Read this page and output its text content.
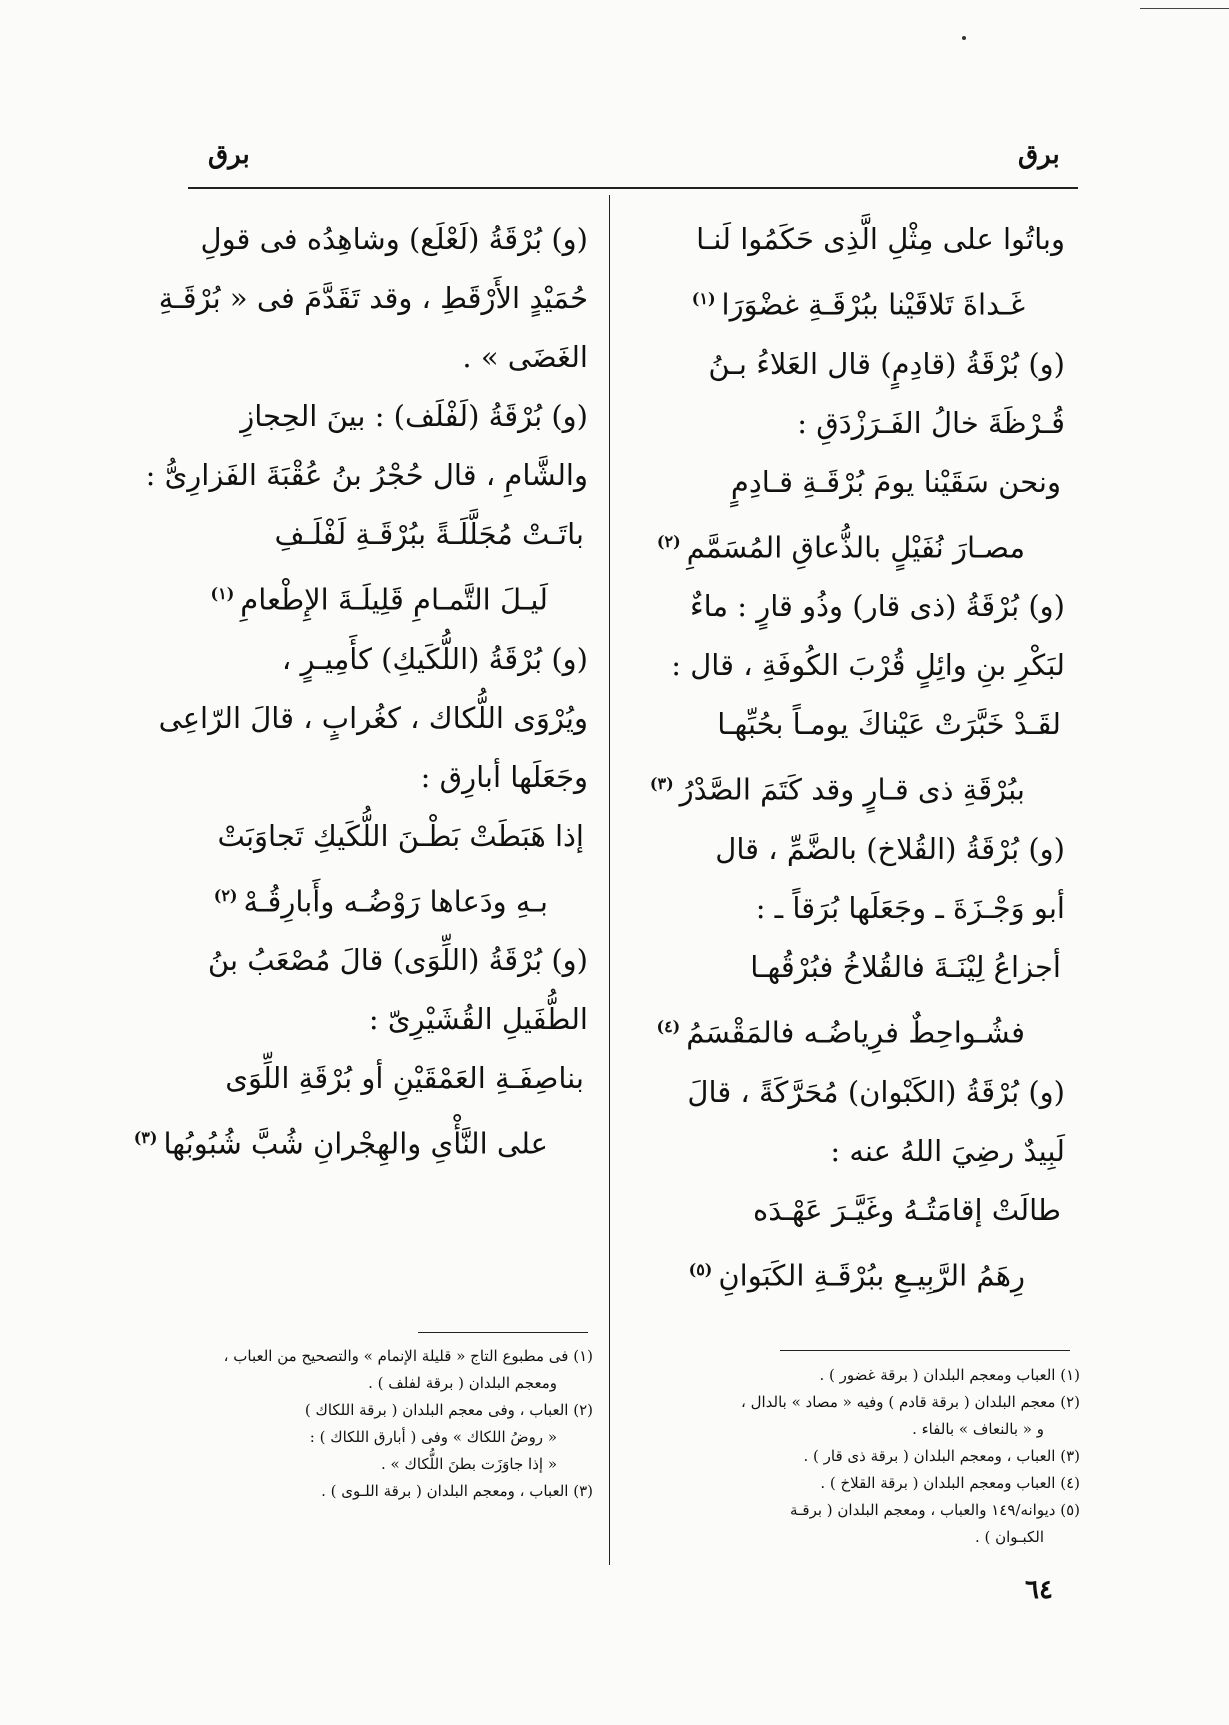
برق
برق

وباتُوا على مِثْلِ الَّذِى حَكَمُوا لَنـا

غَـداةَ تَلاقَيْنا ببُرْقَـةِ غضْوَرَا$^{(١)}$

(و) بُرْقَةُ (قادِمٍ) قال العَلاءُ بـنُ

قُـرْظَةَ خالُ الفَـرَزْدَقِ :

ونحن سَقَيْنا يومَ بُرْقَـةِ قـادِمٍ

مصـارَ نُفَيْلٍ بالذُّعاقِ المُسَمَّمِ$^{(٢)}$

(و) بُرْقَةُ (ذى قار) وذُو قارٍ : ماءٌ

لبَكْرِ بنِ وائِلٍ قُرْبَ الكُوفَةِ ، قال :

لقَـدْ خَبَّرَتْ عَيْناكَ يومـاً بحُبِّهـا

ببُرْقَةِ ذى قـارٍ وقد كَتَمَ الصَّدْرُ$^{(٣)}$

(و) بُرْقَةُ (القُلاخ) بالضَّمِّ ، قال

أبو وَجْـزَةَ ـ وجَعَلَها بُرَقاً ـ :

أجزاعُ لِيْنَـةَ فالقُلاخُ فبُرْقُهـا

فشُـواحِطٌ فرِياضُـه فالمَقْسَمُ$^{(٤)}$

(و) بُرْقَةُ (الكَبْوان) مُحَرَّكَةً ، قالَ

لَبِيدٌ رضِيَ اللهُ عنه :

طالَتْ إقامَتُـهُ وغَيَّـرَ عَهْـدَه

رِهَمُ الرَّبِيـعِ ببُرْقَـةِ الكَبَوانِ$^{(٥)}$

(و) بُرْقَةُ (لَعْلَع) وشاهِدُه فى قولِ

حُمَيْدٍ الأَرْقَطِ ، وقد تَقَدَّمَ فى « بُرْقَـةِ

الغَضَى » .

(و) بُرْقَةُ (لَفْلَف) : بينَ الحِجازِ

والشَّامِ ، قال حُجْرُ بنُ عُقْبَةَ الفَزارِىُّ :

باتَـتْ مُجَلَّلَـةً ببُرْقَـةِ لَفْلَـفِ

لَيـلَ التَّمـامِ قَلِيلَـةَ الإِطْعامِ$^{(١)}$

(و) بُرْقَةُ (اللُّكَيكِ) كأَمِيـرٍ ،

ويُرْوَى اللُّكاك ، كغُرابٍ ، قالَ الرّاعِى

وجَعَلَها أبارِق :

إذا هَبَطَتْ بَطْـنَ اللُّكَيكِ تَجاوَبَتْ

بـهِ ودَعاها رَوْضُـه وأَبارِقُـهْ$^{(٢)}$

(و) بُرْقَةُ (اللِّوَى) قالَ مُصْعَبُ بنُ

الطُّفَيلِ القُشَيْرِىّ :

بناصِفَـةِ العَمْقَيْنِ أو بُرْقَةِ اللِّوَى

على النَّأْىِ والهِجْرانِ شُبَّ شُبُوبُها$^{(٣)}$

(١) العباب ومعجم البلدان ( برقة غضور ) .

(٢) معجم البلدان ( برقة قادم ) وفيه « مصاد » بالدال ،

و « بالنعاف » بالفاء .

(٣) العباب ، ومعجم البلدان ( برقة ذى قار ) .

(٤) العباب ومعجم البلدان ( برقة القلاخ ) .

(٥) ديوانه/١٤٩ والعباب ، ومعجم البلدان ( برقـة

الكبـوان ) .

(١) فى مطبوع التاج « قليلة الإنمام » والتصحيح من العباب ،

ومعجم البلدان ( برقة لفلف ) .

(٢) العباب ، وفى معجم البلدان ( برقة اللكاك )

« روضُ اللكاك » وفى ( أبارق اللكاك ) :

« إذا جاوَزَت بطنَ اللُّكاك » .

(٣) العباب ، ومعجم البلدان ( برقة اللـوى ) .

٦٤
